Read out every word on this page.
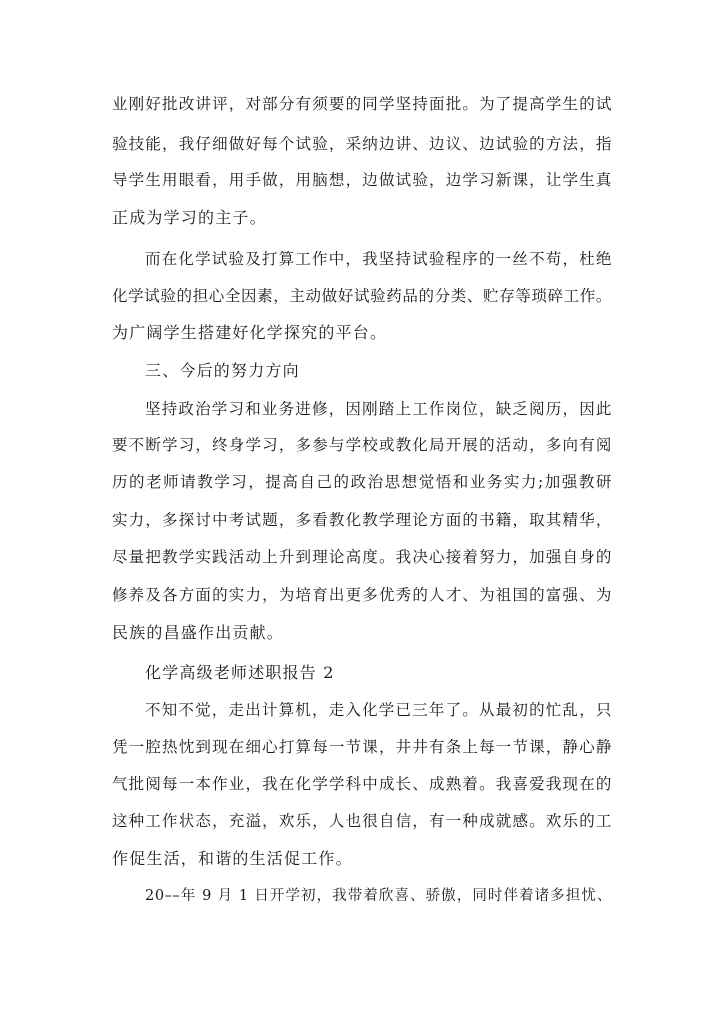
业刚好批改讲评，对部分有须要的同学坚持面批。为了提高学生的试
验技能，我仔细做好每个试验，采纳边讲、边议、边试验的方法，指
导学生用眼看，用手做，用脑想，边做试验，边学习新课，让学生真
正成为学习的主子。
而在化学试验及打算工作中，我坚持试验程序的一丝不苟，杜绝
化学试验的担心全因素，主动做好试验药品的分类、贮存等琐碎工作。
为广阔学生搭建好化学探究的平台。
三、今后的努力方向
坚持政治学习和业务进修，因刚踏上工作岗位，缺乏阅历，因此
要不断学习，终身学习，多参与学校或教化局开展的活动，多向有阅
历的老师请教学习，提高自己的政治思想觉悟和业务实力;加强教研
实力，多探讨中考试题，多看教化教学理论方面的书籍，取其精华，
尽量把教学实践活动上升到理论高度。我决心接着努力，加强自身的
修养及各方面的实力，为培育出更多优秀的人才、为祖国的富强、为
民族的昌盛作出贡献。
化学高级老师述职报告 2
不知不觉，走出计算机，走入化学已三年了。从最初的忙乱，只
凭一腔热忱到现在细心打算每一节课，井井有条上每一节课，静心静
气批阅每一本作业，我在化学学科中成长、成熟着。我喜爱我现在的
这种工作状态，充溢，欢乐，人也很自信，有一种成就感。欢乐的工
作促生活，和谐的生活促工作。
20––年 9 月 1 日开学初，我带着欣喜、骄傲，同时伴着诸多担忧、
